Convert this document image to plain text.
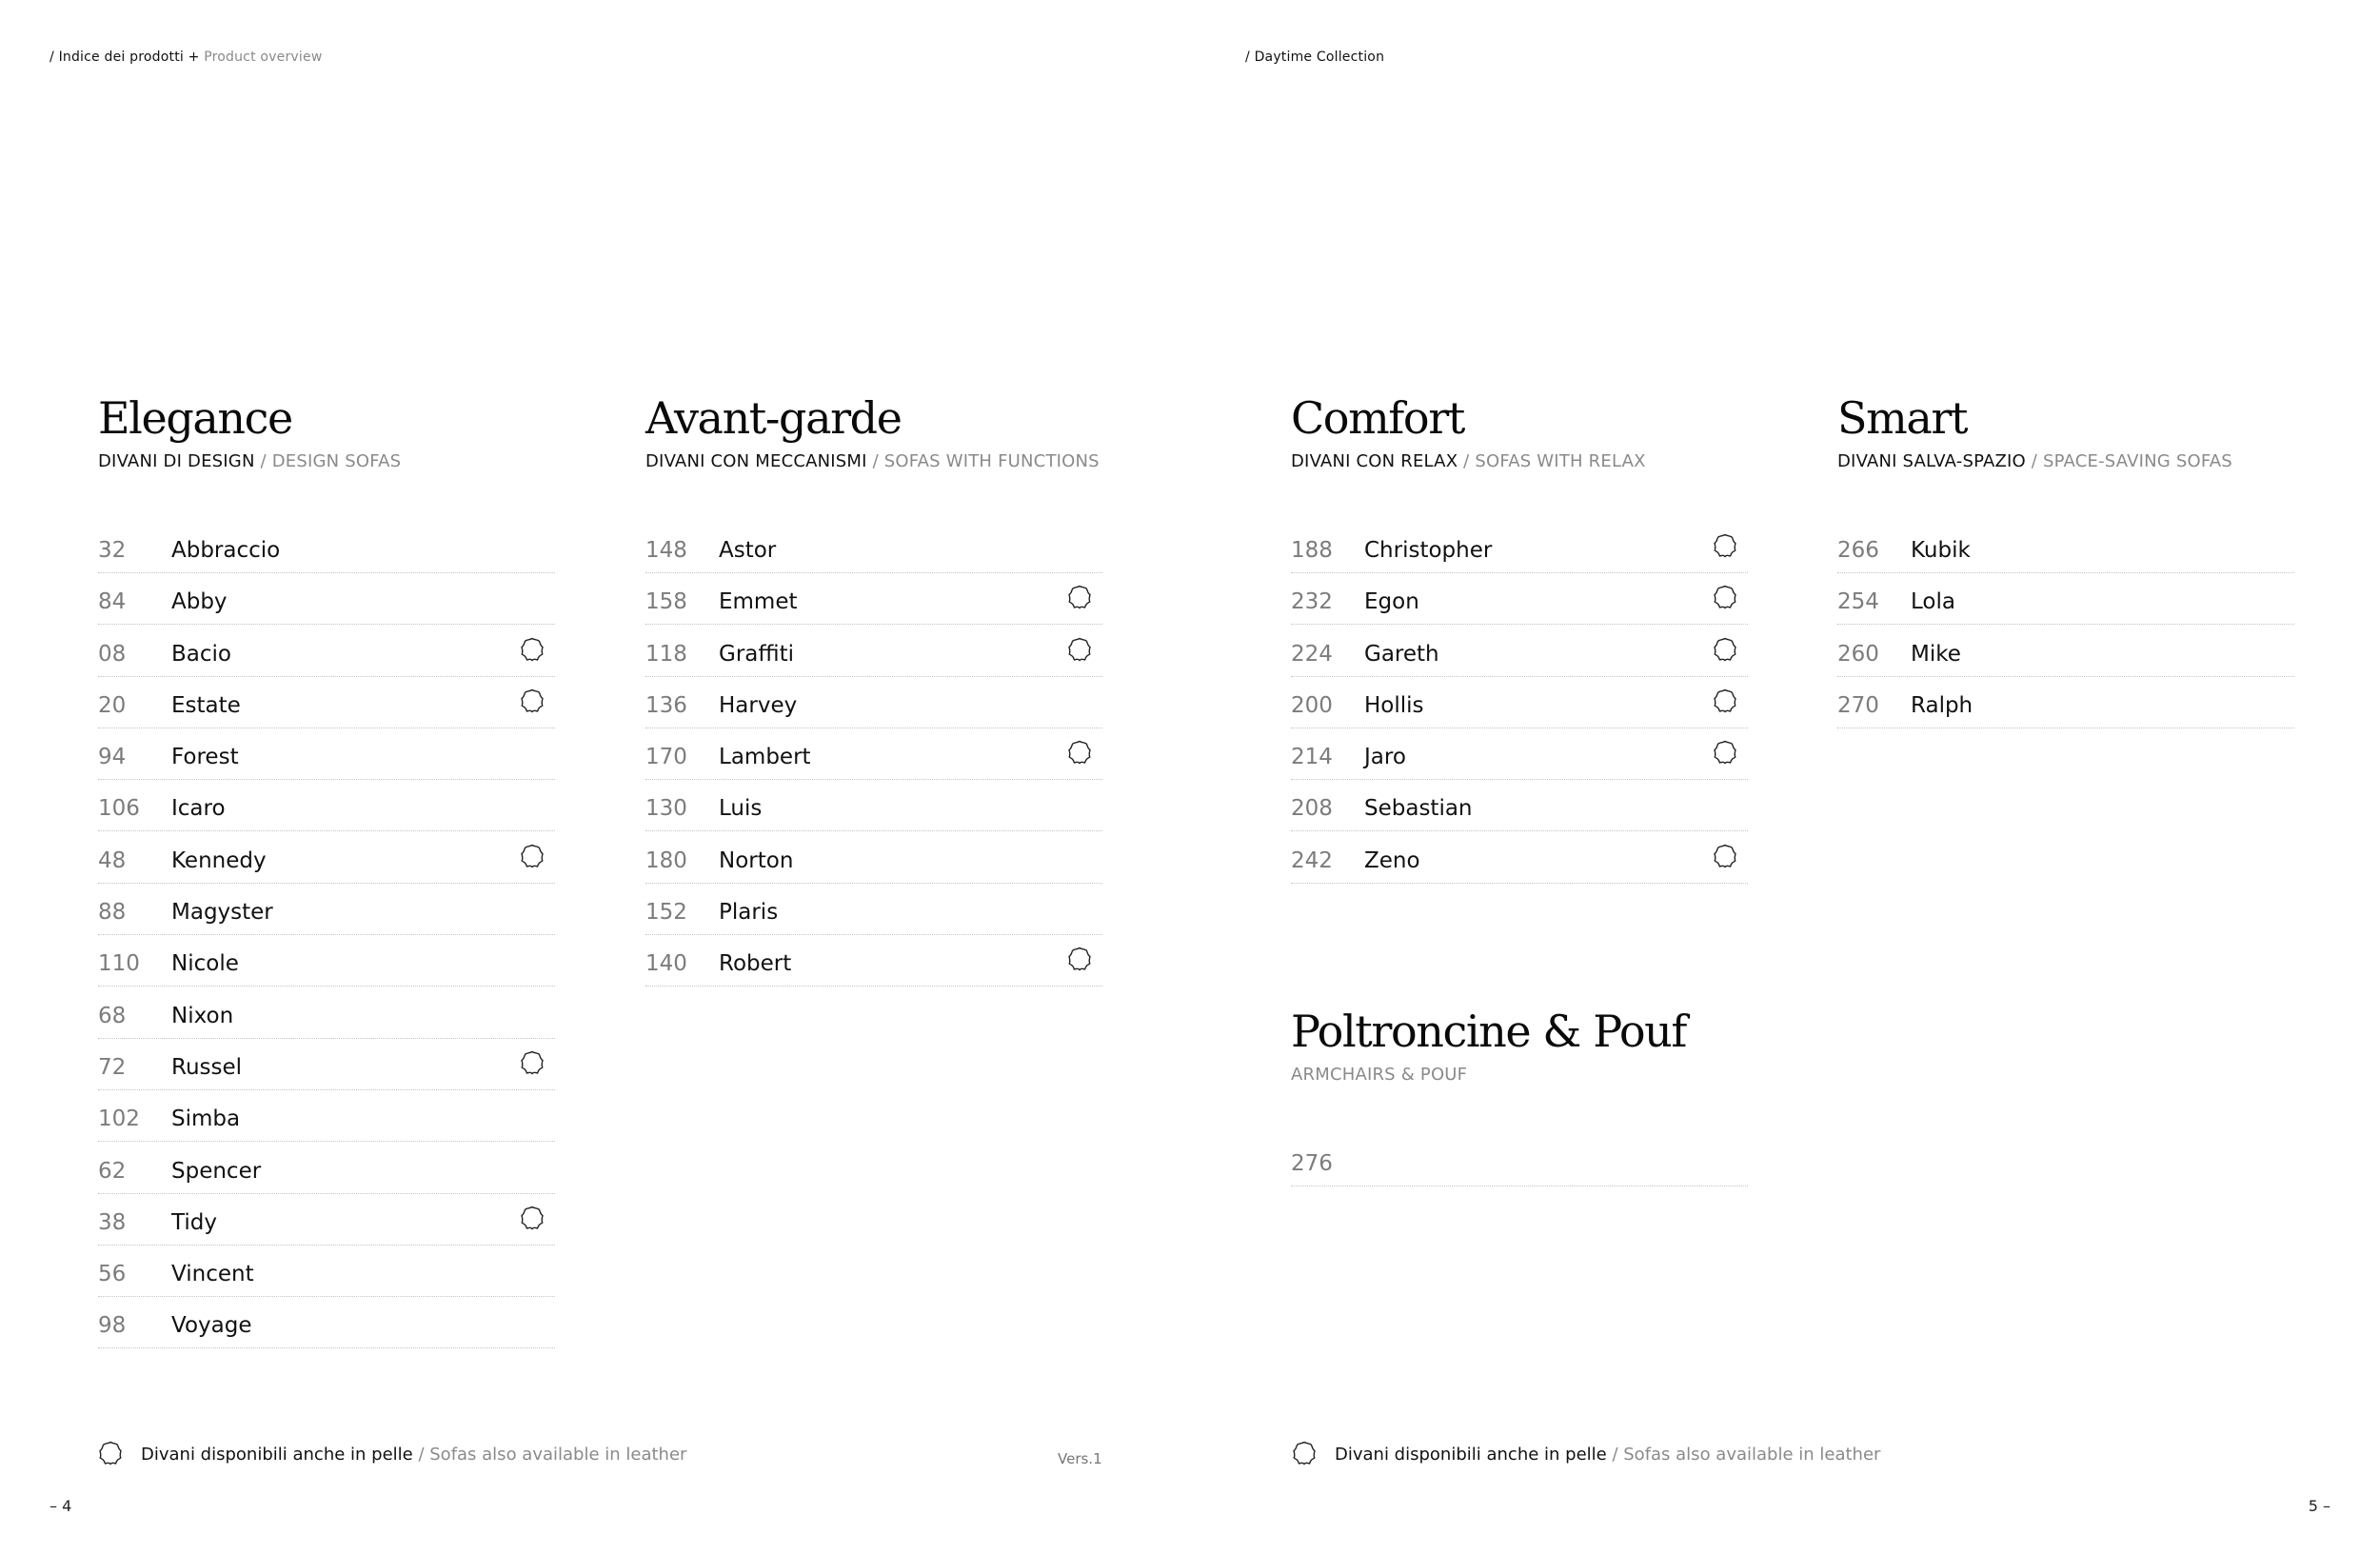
/ Indice dei prodotti + Product overview	/ Daytime Collection
Elegance
DIVANI DI DESIGN / DESIGN SOFAS
32 Abbraccio
84 Abby
08 Bacio
20 Estate
94 Forest
106 Icaro
48 Kennedy
88 Magyster
110 Nicole
68 Nixon
72 Russel
102 Simba
62 Spencer
38 Tidy
56 Vincent
98 Voyage
Avant-garde
DIVANI CON MECCANISMI / SOFAS WITH FUNCTIONS
148 Astor
158 Emmet
118 Graffiti
136 Harvey
170 Lambert
130 Luis
180 Norton
152 Plaris
140 Robert
Comfort
DIVANI CON RELAX / SOFAS WITH RELAX
188 Christopher
232 Egon
224 Gareth
200 Hollis
214 Jaro
208 Sebastian
242 Zeno
Smart
DIVANI SALVA-SPAZIO / SPACE-SAVING SOFAS
266 Kubik
254 Lola
260 Mike
270 Ralph
Poltroncine & Pouf
ARMCHAIRS & POUF
276
Divani disponibili anche in pelle / Sofas also available in leather	Vers.1	Divani disponibili anche in pelle / Sofas also available in leather
– 4	5 –
